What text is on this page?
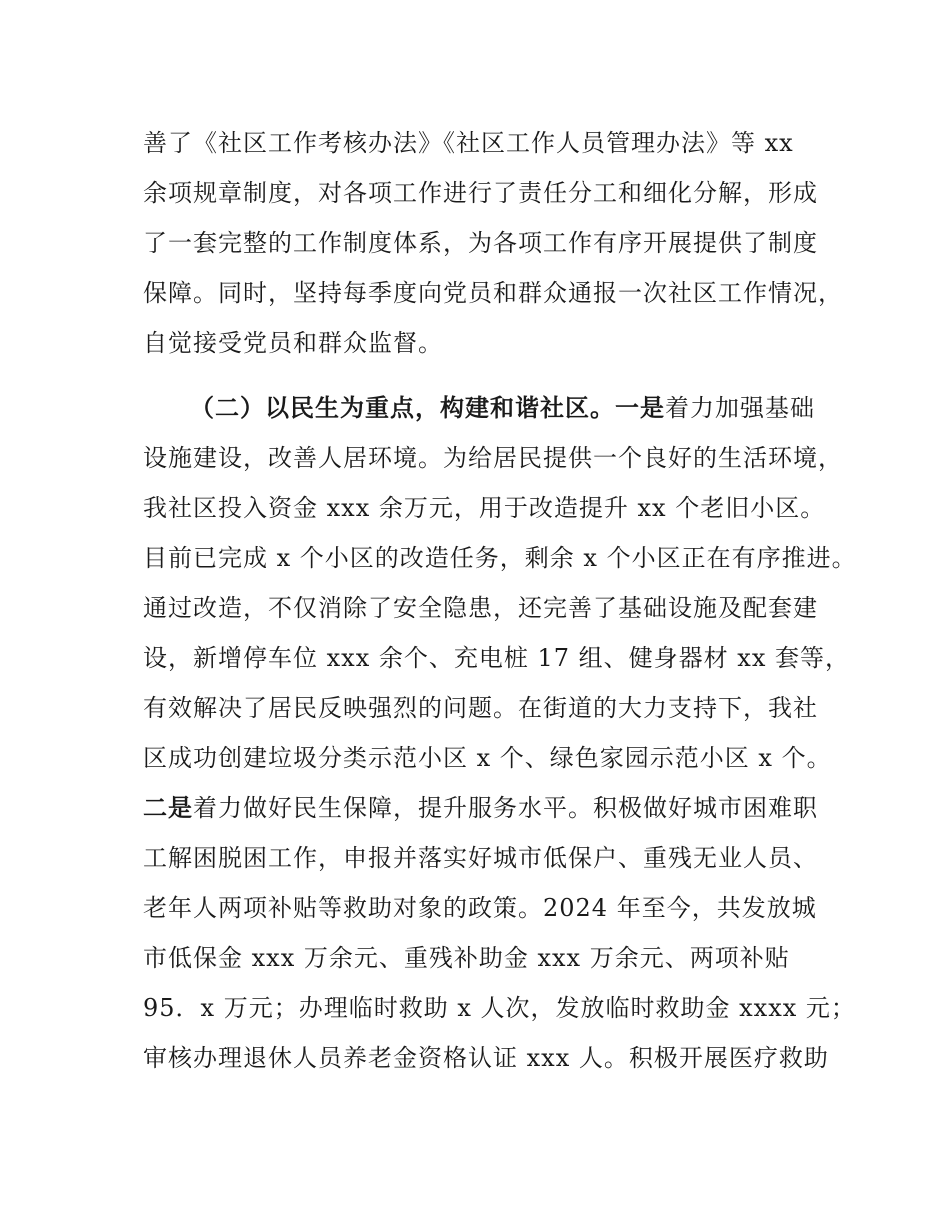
善了《社区工作考核办法》《社区工作人员管理办法》等 xx
余项规章制度，对各项工作进行了责任分工和细化分解，形成
了一套完整的工作制度体系，为各项工作有序开展提供了制度
保障。同时，坚持每季度向党员和群众通报一次社区工作情况，
自觉接受党员和群众监督。
（二）以民生为重点，构建和谐社区。一是着力加强基础
设施建设，改善人居环境。为给居民提供一个良好的生活环境，
我社区投入资金 xxx 余万元，用于改造提升 xx 个老旧小区。
目前已完成 x 个小区的改造任务，剩余 x 个小区正在有序推进。
通过改造，不仅消除了安全隐患，还完善了基础设施及配套建
设，新增停车位 xxx 余个、充电桩 17 组、健身器材 xx 套等，
有效解决了居民反映强烈的问题。在街道的大力支持下，我社
区成功创建垃圾分类示范小区 x 个、绿色家园示范小区 x 个。
二是着力做好民生保障，提升服务水平。积极做好城市困难职
工解困脱困工作，申报并落实好城市低保户、重残无业人员、
老年人两项补贴等救助对象的政策。2024 年至今，共发放城
市低保金 xxx 万余元、重残补助金 xxx 万余元、两项补贴
95．x 万元；办理临时救助 x 人次，发放临时救助金 xxxx 元；
审核办理退休人员养老金资格认证 xxx 人。积极开展医疗救助
